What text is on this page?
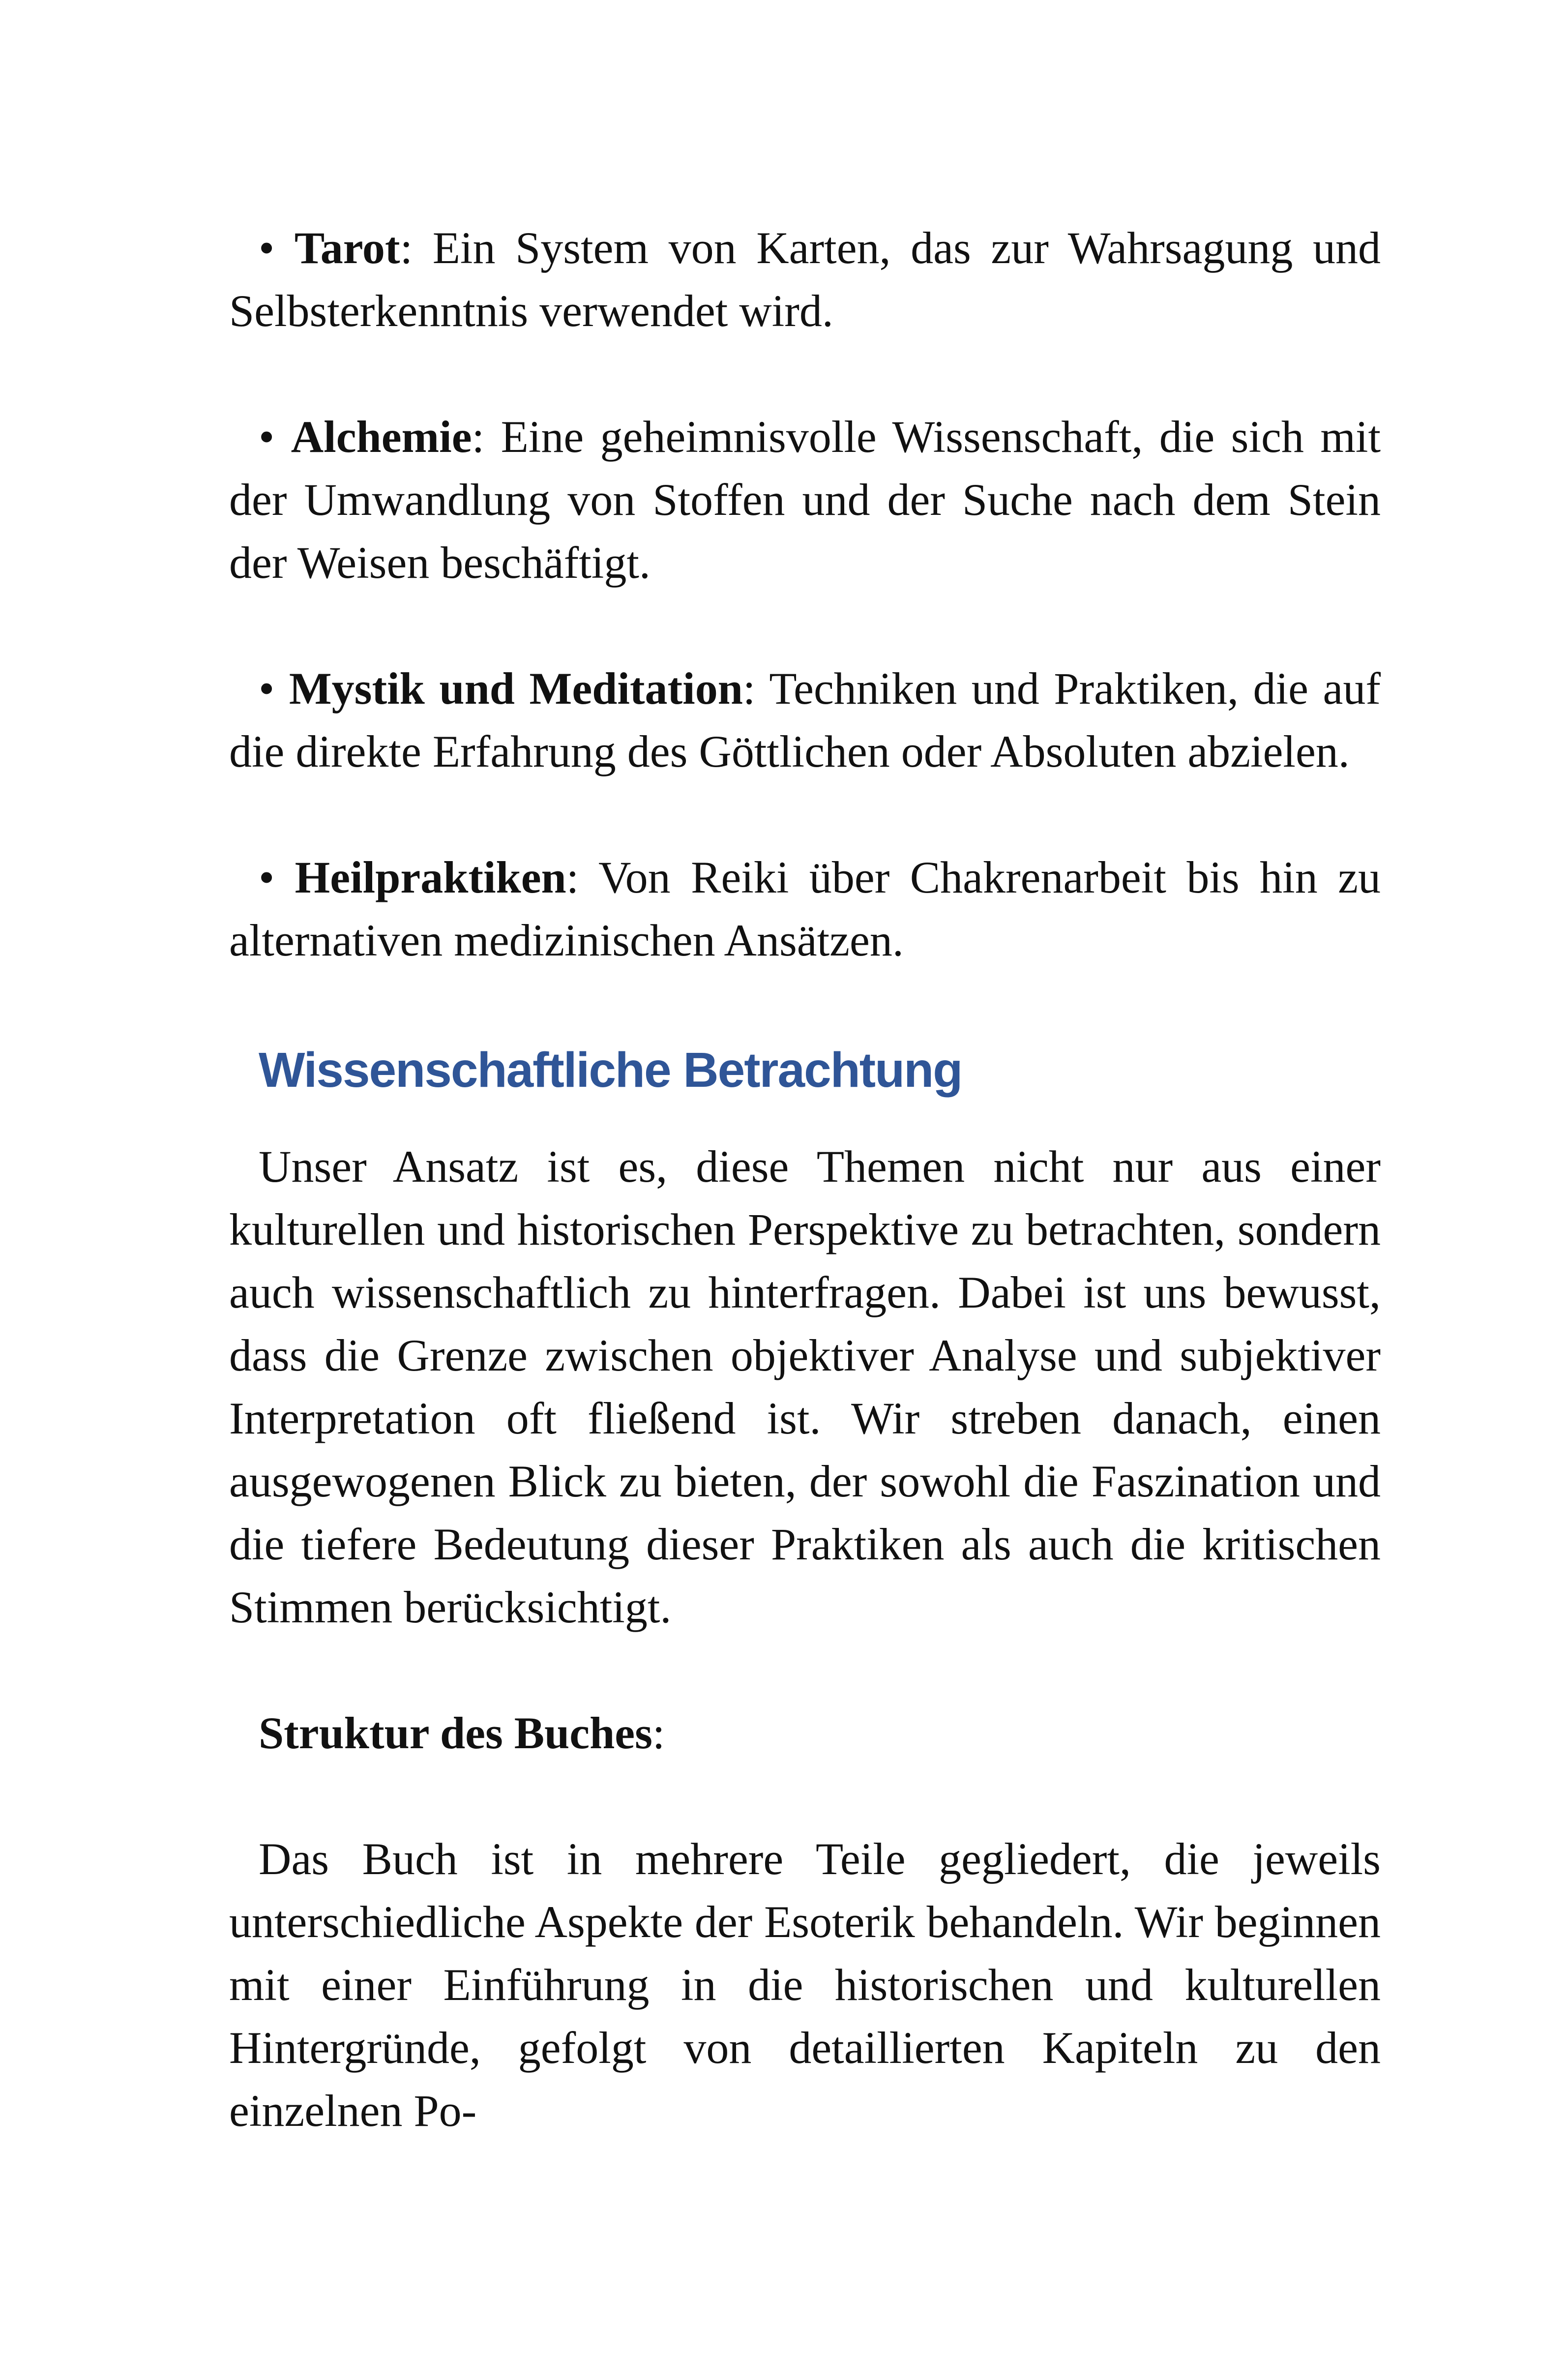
• Tarot: Ein System von Karten, das zur Wahrsagung und Selbsterkenntnis verwendet wird.

• Alchemie: Eine geheimnisvolle Wissenschaft, die sich mit der Umwandlung von Stoffen und der Suche nach dem Stein der Weisen beschäftigt.

• Mystik und Meditation: Techniken und Praktiken, die auf die direkte Erfahrung des Göttlichen oder Absoluten abzielen.

• Heilpraktiken: Von Reiki über Chakrenarbeit bis hin zu alternativen medizinischen Ansätzen.

Wissenschaftliche Betrachtung

Unser Ansatz ist es, diese Themen nicht nur aus einer kulturellen und historischen Perspektive zu betrachten, sondern auch wissenschaftlich zu hinterfragen. Dabei ist uns bewusst, dass die Grenze zwischen objektiver Analyse und subjektiver Interpretation oft fließend ist. Wir streben danach, einen ausgewogenen Blick zu bieten, der sowohl die Faszination und die tiefere Bedeutung dieser Praktiken als auch die kritischen Stimmen berücksichtigt.

Struktur des Buches:

Das Buch ist in mehrere Teile gegliedert, die jeweils unterschiedliche Aspekte der Esoterik behandeln. Wir beginnen mit einer Einführung in die historischen und kulturellen Hintergründe, gefolgt von detaillierten Kapiteln zu den einzelnen Po-
